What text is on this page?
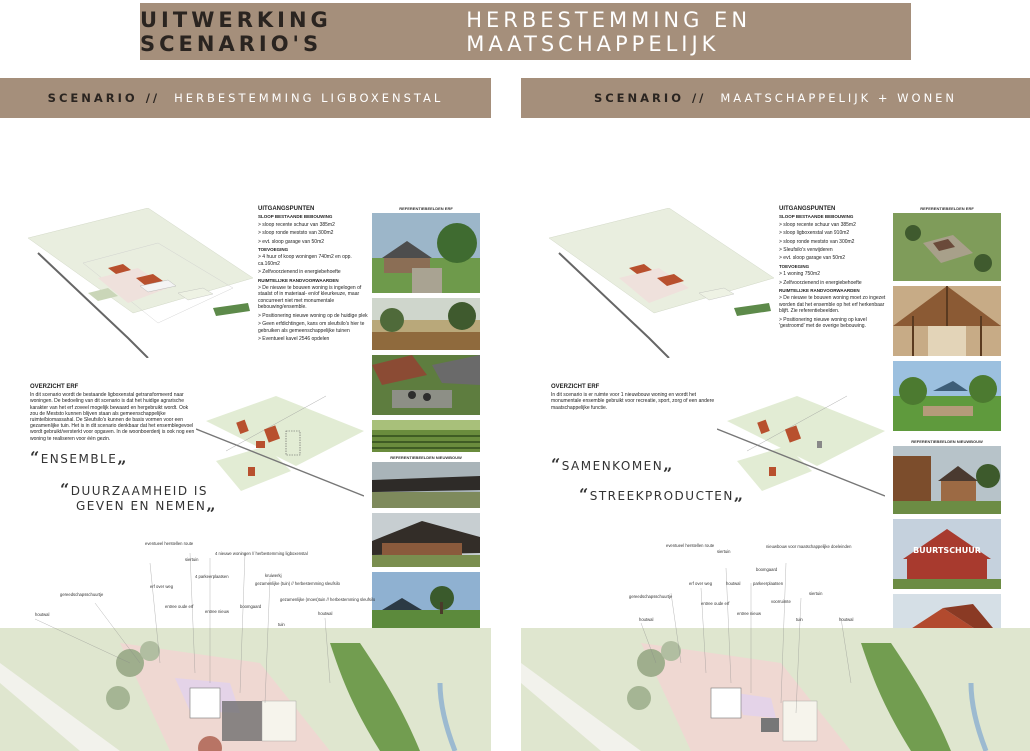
UITWERKING SCENARIO'S
HERBESTEMMING EN MAATSCHAPPELIJK
SCENARIO // HERBESTEMMING LIGBOXENSTAL
UITGANGSPUNTEN
SLOOP BESTAANDE BEBOUWING
> sloop recente schuur van 385m2
> sloop ronde meststo van 300m2
> evt. sloop garage van 50m2
TOEVOEGING
> 4 huur of koop woningen 740m2 en opp. ca.160m2
> Zelfvoorzienend in energiebehoefte
RUIMTELIJKE RANDVOORWAARDEN
> De nieuwe te bouwen woning is ingelogen of staalst of in materiaal- en/of kleurkeuze, maar concurreert niet met monumentale bebouwing/ensemble.
> Positionering nieuwe woning op de huidige plek
> Geen erfdichtingen, kans om sleufsilo's hier te gebruiken als gemeenschappelijke tuinen
> Eventueel kavel 2546 opdelen
REFERENTIEBEELDEN ERF
REFERENTIEBEELDEN NIEUWBOUW
OVERZICHT ERF
In dit scenario wordt de bestaande ligboxenstal getransformeerd naar woningen. De bedoeling van dit scenario is dat het huidige agrarische karakter van het erf zoveel mogelijk bewaard en hergebruikt wordt. Ook zou de Meststo kunnen blijven staan als gemeenschappelijke ruimte/biomassahal. De Sleufsilo's kunnen de basis vormen voor een gezamenlijke tuin. Het is in dit scenario denkbaar dat het ensemblegevoel wordt gebruikt/versterkt voor opgaven. In de woonboerderij is ook nog een woning te realiseren voor één gezin.
“ENSEMBLE„
“DUURZAAMHEID IS
GEVEN EN NEMEN„
houtwal
gereedschapsschuurtje
erf over weg
entree oude erf
4 parkeerplaatsen
entree nieuw
eventueel herstellen route
siertuin
4 nieuwe woningen // herbestemming ligboxenstal
boomgaard
gezamenlijke (tuin) // herbestemming sleufsilo
kruiwerkj
gezamenlijke (moes)tuin // herbestemming sleufsilo
tuin
houtwal
SCENARIO // MAATSCHAPPELIJK + WONEN
UITGANGSPUNTEN
SLOOP BESTAANDE BEBOUWING
> sloop recente schuur van 385m2
> sloop ligboxenstal van 910m2
> sloop ronde meststo van 300m2
> Sleufsilo's verwijderen
> evt. sloop garage van 50m2
TOEVOEGING
> 1 woning 750m2
> Zelfvoorzienend in energiebehoefte
RUIMTELIJKE RANDVOORWAARDEN
> De nieuwe te bouwen woning moet zo ingezet worden dat het ensemble op het erf herkenbaar blijft. Zie referentiebeelden.
> Positionering nieuwe woning op kavel 'gestroomd' met de overige bebouwing.
REFERENTIEBEELDEN ERF
REFERENTIEBEELDEN NIEUWBOUW
BUURTSCHUUR
OVERZICHT ERF
In dit scenario is er ruimte voor 1 nieuwbouw woning en wordt het monumentale ensemble gebruikt voor recreatie, sport, zorg of een andere maatschappelijke functie.
“SAMENKOMEN„
“STREEKPRODUCTEN„
houtwal
gereedschapsschuurtje
erf over weg
entree oude erf
houtwal
entree nieuw
eventueel herstellen route
siertuin
parkeerplaatsen
boomgaard
nieuwbouw voor maatschappelijke doeleinden
voorruimte
tuin
siertuin
houtwal
